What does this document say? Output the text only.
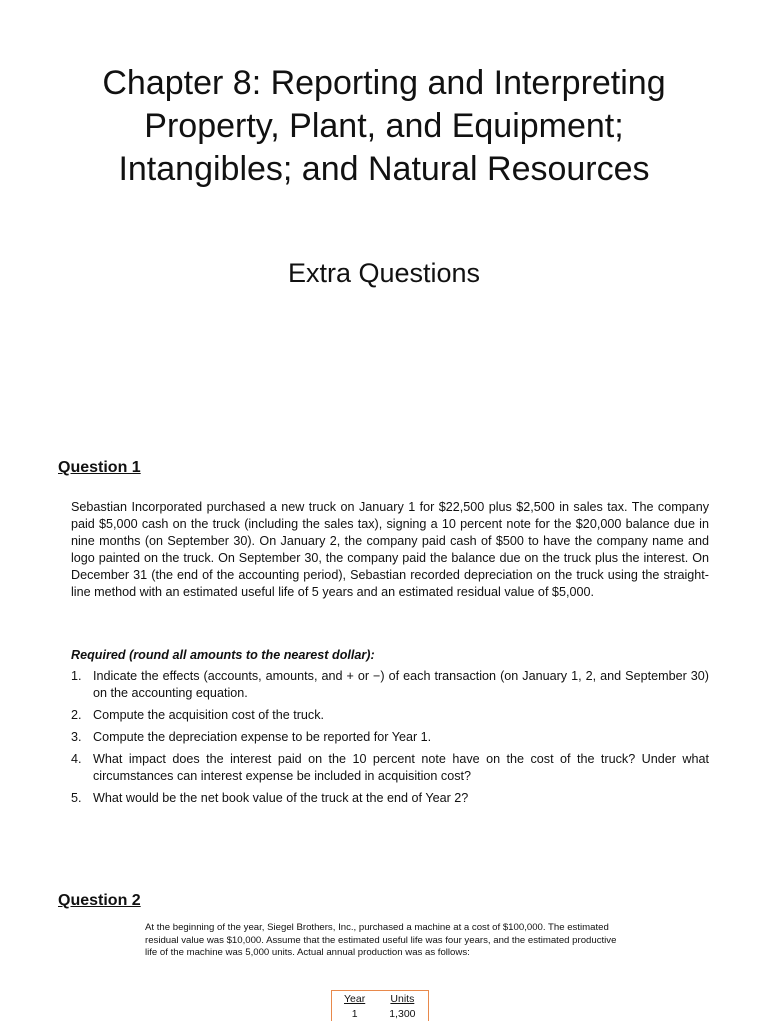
Chapter 8: Reporting and Interpreting
Property, Plant, and Equipment;
Intangibles; and Natural Resources
Extra Questions
Question 1
Sebastian Incorporated purchased a new truck on January 1 for $22,500 plus $2,500 in sales tax. The company paid $5,000 cash on the truck (including the sales tax), signing a 10 percent note for the $20,000 balance due in nine months (on September 30). On January 2, the company paid cash of $500 to have the company name and logo painted on the truck. On September 30, the company paid the balance due on the truck plus the interest. On December 31 (the end of the accounting period), Sebastian recorded depreciation on the truck using the straight-line method with an estimated useful life of 5 years and an estimated residual value of $5,000.
Required (round all amounts to the nearest dollar):
1. Indicate the effects (accounts, amounts, and + or −) of each transaction (on January 1, 2, and September 30) on the accounting equation.
2. Compute the acquisition cost of the truck.
3. Compute the depreciation expense to be reported for Year 1.
4. What impact does the interest paid on the 10 percent note have on the cost of the truck? Under what circumstances can interest expense be included in acquisition cost?
5. What would be the net book value of the truck at the end of Year 2?
Question 2
At the beginning of the year, Siegel Brothers, Inc., purchased a machine at a cost of $100,000. The estimated residual value was $10,000. Assume that the estimated useful life was four years, and the estimated productive life of the machine was 5,000 units. Actual annual production was as follows:
Year	Units
1	1,300
